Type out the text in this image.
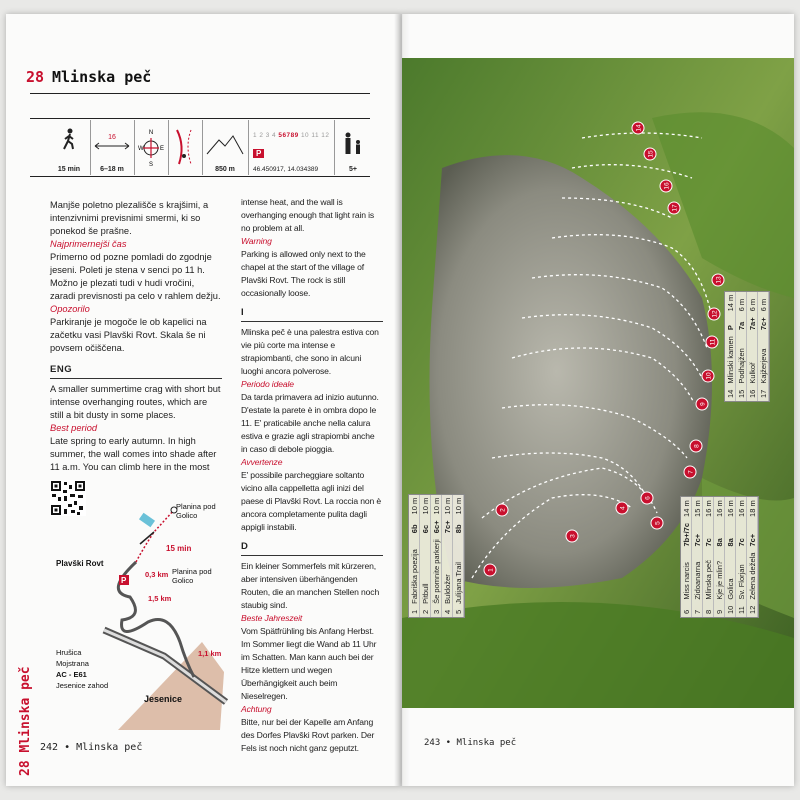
28 Mlinska peč
15 min
16
6–18 m
N
S
W	E
850 m
1 2 3 4 56789 10 11 12
P
46.450917, 14.034389	5+

Manjše poletno plezališče s krajšimi, a intenzivnimi previsnimi smermi, ki so ponekod še prašne.

Najprimernejši čas

Primerno od pozne pomladi do zgodnje jeseni. Poleti je stena v senci po 11 h. Možno je plezati tudi v hudi vročini, zaradi previsnosti pa celo v rahlem dežju.

Opozorilo

Parkiranje je mogoče le ob kapelici na začetku vasi Plavški Rovt. Skala še ni povsem očiščena.

ENG

A smaller summertime crag with short but intense overhanging routes, which are still a bit dusty in some places.

Best period

Late spring to early autumn. In high summer, the wall comes into shade after 11 a.m. You can climb here in the most

intense heat, and the wall is overhanging enough that light rain is no problem at all.

Warning

Parking is allowed only next to the chapel at the start of the village of Plavški Rovt. The rock is still occasionally loose.

I

Mlinska peč è una palestra estiva con vie più corte ma intense e strapiombanti, che sono in alcuni luoghi ancora polverose.

Periodo ideale

Da tarda primavera ad inizio autunno. D'estate la parete è in ombra dopo le 11. E' praticabile anche nella calura estiva e grazie agli strapiombi anche in caso di debole pioggia.

Avvertenze

E' possibile parcheggiare soltanto vicino alla cappelletta agli inizi del paese di Plavški Rovt. La roccia non è ancora completamente pulita dagli appigli instabili.

D

Ein kleiner Sommerfels mit kürzeren, aber intensiven überhängenden Routen, die an manchen Stellen noch staubig sind.

Beste Jahreszeit

Vom Spätfrühling bis Anfang Herbst. Im Sommer liegt die Wand ab 11 Uhr im Schatten. Man kann auch bei der Hitze klettern und wegen Überhängigkeit auch beim Nieselregen.

Achtung

Bitte, nur bei der Kapelle am Anfang des Dorfes Plavški Rovt parken. Der Fels ist noch nicht ganz geputzt.

P
Planina pod Golico
15 min
Plavški Rovt
0,3 km Planina pod Golico
1,5 km
1,1 km
Hrušica
Mojstrana
AC - E61
Jesenice zahod
Jesenice
28 Mlinska peč 242 • Mlinska peč
1
2
3
4
5
6
7
8
9
10
11
12
13
14
15
16
17
1	Fabriška poezija	6b	10 m
2	Pitbull	6c	10 m
3	Še pomnite parkerji	6c+	10 m
4	Buldožer	7c+	10 m
5	Julijana Trail	8b	10 m
6	Miss narcis	7b+/7c	14 m
7	Zidoanarna	7c+	15 m
8	Mlinska peč	7c	16 m
9	Kje je mlin?	8a	16 m
10	Golica	8a	16 m
11	Sv. Florjan	7c	16 m
12	Zelena dežela	7c+	18 m
14	Mlinski kamen	P	14 m
15	Podhajžen	7a	6 m
16	Kulkoř	7a+	6 m
17	Kajžerjeva	7c+	6 m
243 • Mlinska peč
